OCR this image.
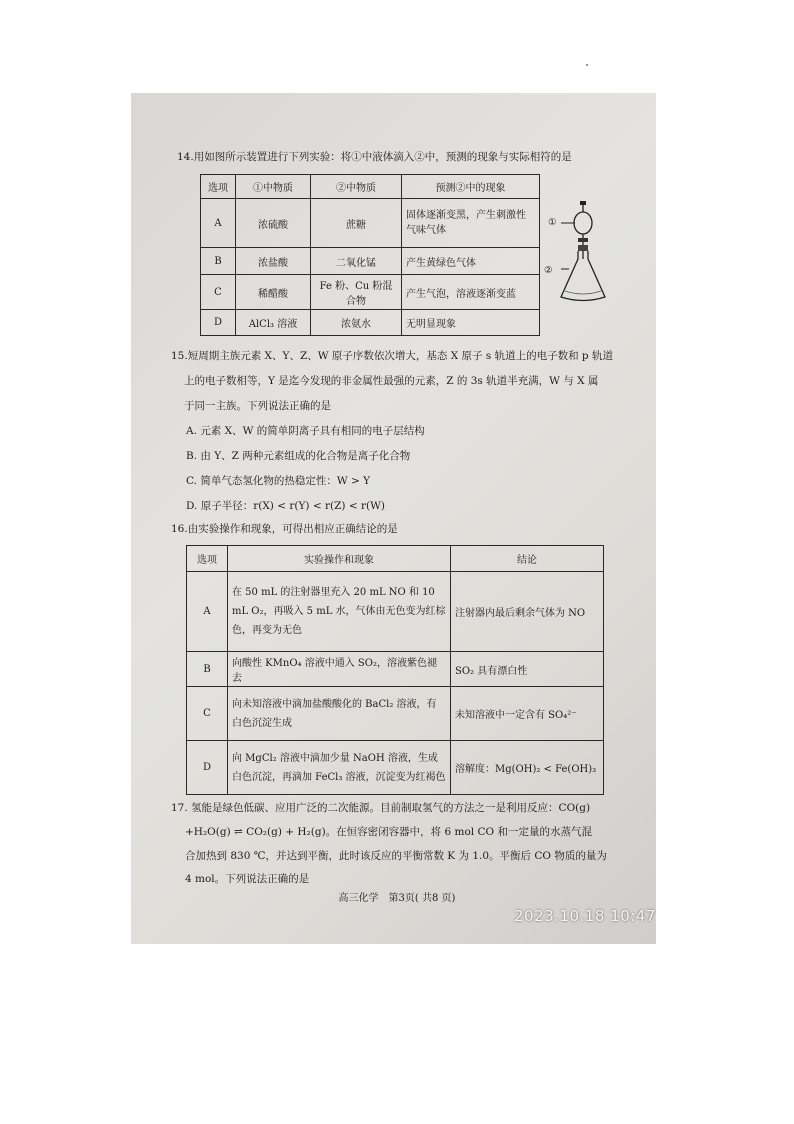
14.用如图所示装置进行下列实验：将①中液体滴入②中，预测的现象与实际相符的是
选项	①中物质	②中物质	预测②中的现象
A	浓硫酸	蔗糖	固体逐渐变黑，产生刺激性气味气体
B	浓盐酸	二氧化锰	产生黄绿色气体
C	稀醋酸	Fe 粉、Cu 粉混合物	产生气泡，溶液逐渐变蓝
D	AlCl₃ 溶液	浓氨水	无明显现象
①
②
15.短周期主族元素 X、Y、Z、W 原子序数依次增大，基态 X 原子 s 轨道上的电子数和 p 轨道
上的电子数相等，Y 是迄今发现的非金属性最强的元素，Z 的 3s 轨道半充满，W 与 X 属
于同一主族。下列说法正确的是
A. 元素 X、W 的简单阴离子具有相同的电子层结构
B. 由 Y、Z 两种元素组成的化合物是离子化合物
C. 简单气态氢化物的热稳定性：W > Y
D. 原子半径：r(X) < r(Y) < r(Z) < r(W)
16.由实验操作和现象，可得出相应正确结论的是
选项	实验操作和现象	结论
A	在 50 mL 的注射器里充入 20 mL NO 和 10 mL O₂，再吸入 5 mL 水，气体由无色变为红棕色，再变为无色	注射器内最后剩余气体为 NO
B	向酸性 KMnO₄ 溶液中通入 SO₂，溶液紫色褪去	SO₂ 具有漂白性
C	向未知溶液中滴加盐酸酸化的 BaCl₂ 溶液，有白色沉淀生成	未知溶液中一定含有 SO₄²⁻
D	向 MgCl₂ 溶液中滴加少量 NaOH 溶液，生成白色沉淀，再滴加 FeCl₃ 溶液，沉淀变为红褐色	溶解度：Mg(OH)₂ < Fe(OH)₃
17. 氢能是绿色低碳、应用广泛的二次能源。目前制取氢气的方法之一是利用反应：CO(g)
+H₂O(g) ⇌ CO₂(g) + H₂(g)。在恒容密闭容器中，将 6 mol CO 和一定量的水蒸气混
合加热到 830 ℃，并达到平衡，此时该反应的平衡常数 K 为 1.0。平衡后 CO 物质的量为
4 mol。下列说法正确的是
高三化学　第3页( 共8 页)
2023.10.18 10:47
